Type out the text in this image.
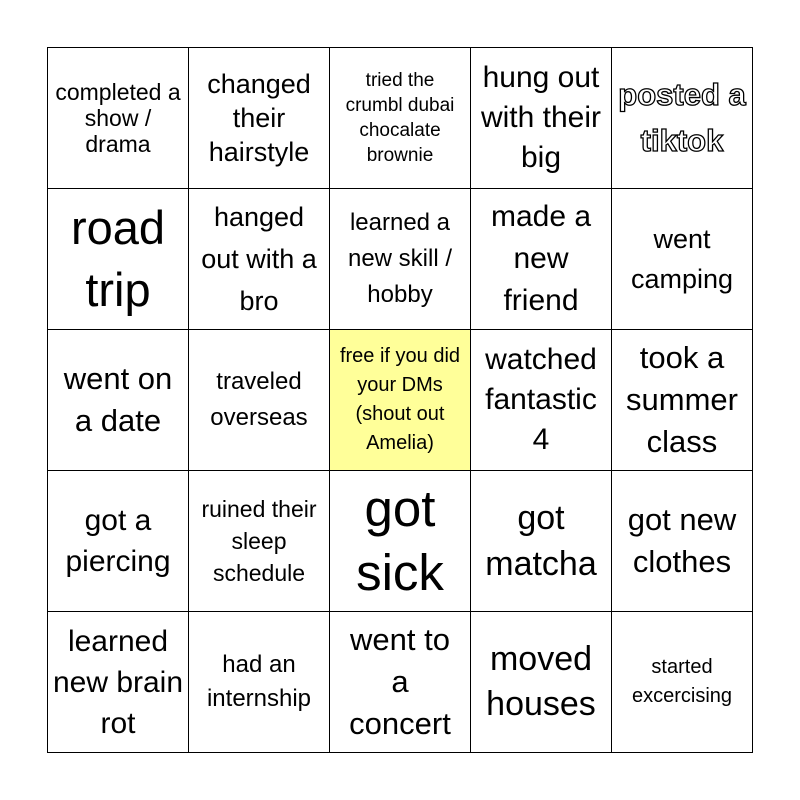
completed a show / drama
changed their hairstyle
tried the crumbl dubai chocalate brownie
hung out with their big
posted a tiktok
road trip
hanged out with a bro
learned a new skill / hobby
made a new friend
went camping
went on a date
traveled overseas
free if you did your DMs (shout out Amelia)
watched fantastic 4
took a summer class
got a piercing
ruined their sleep schedule
got sick
got matcha
got new clothes
learned new brain rot
had an internship
went to a concert
moved houses
started excercising
